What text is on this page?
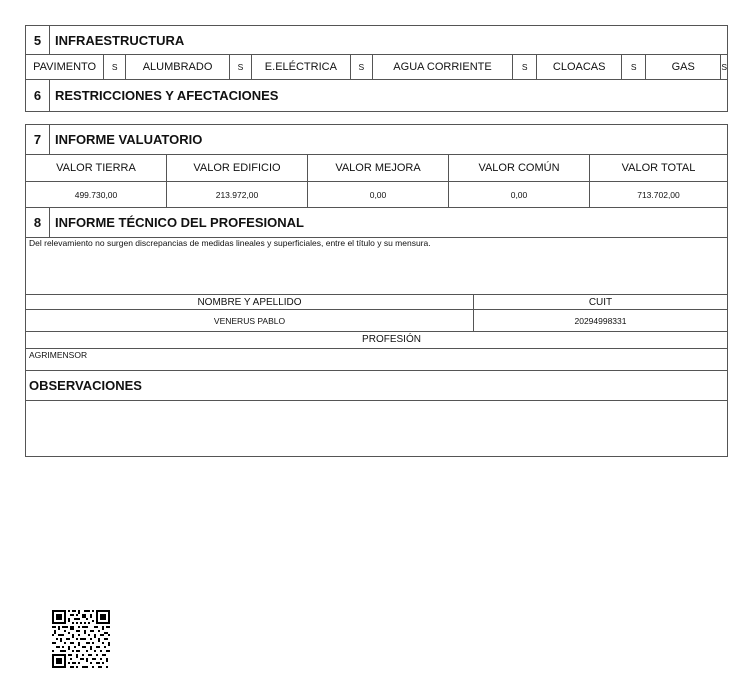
5	INFRAESTRUCTURA
PAVIMENTO	S	ALUMBRADO	S	E.ELÉCTRICA	S	AGUA CORRIENTE	S	CLOACAS	S	GAS	S
6	RESTRICCIONES Y AFECTACIONES
7	INFORME VALUATORIO
VALOR TIERRA	VALOR EDIFICIO	VALOR MEJORA	VALOR COMÚN	VALOR TOTAL
499.730,00	213.972,00	0,00	0,00	713.702,00
8	INFORME TÉCNICO DEL PROFESIONAL
Del relevamiento no surgen discrepancias de medidas lineales y superficiales, entre el título y su mensura.
NOMBRE Y APELLIDO	CUIT
VENERUS PABLO	20294998331
PROFESIÓN
AGRIMENSOR
OBSERVACIONES
